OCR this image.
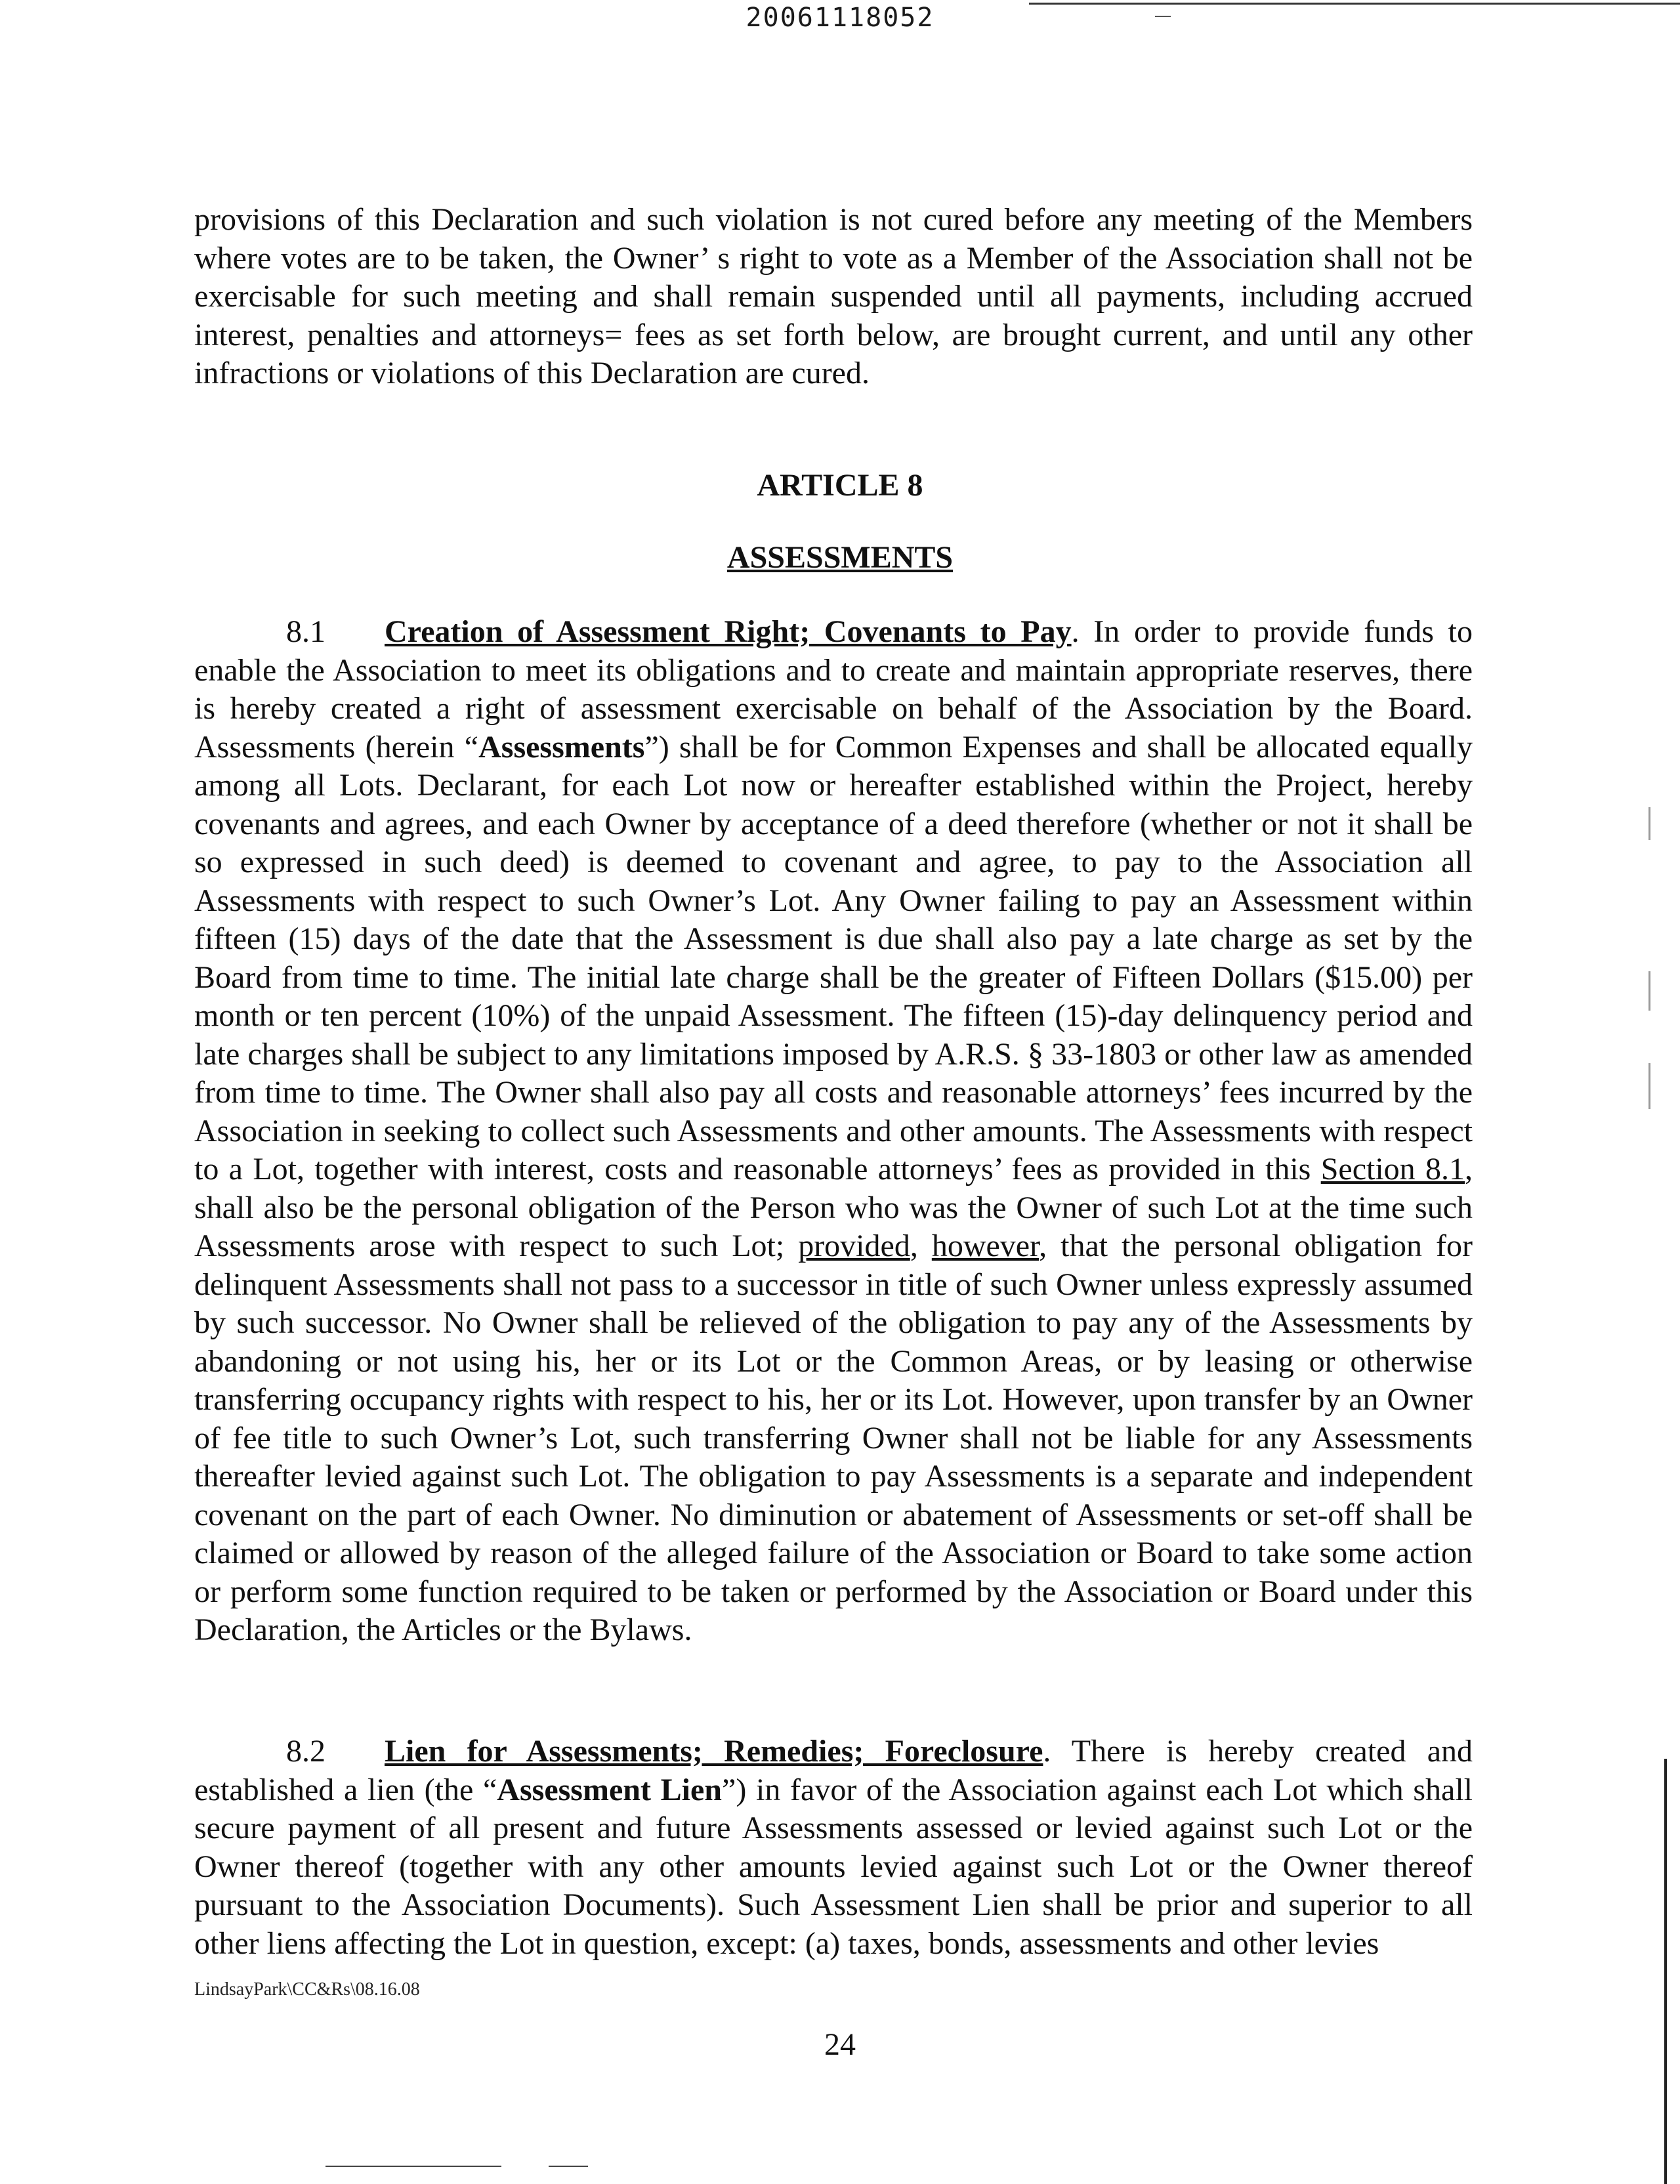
20061118052

provisions of this Declaration and such violation is not cured before any meeting of the Members where votes are to be taken, the Owner’ s right to vote as a Member of the Association shall not be exercisable for such meeting and shall remain suspended until all payments, including accrued interest, penalties and attorneys= fees as set forth below, are brought current, and until any other infractions or violations of this Declaration are cured.

ARTICLE 8

ASSESSMENTS

8.1 Creation of Assessment Right; Covenants to Pay. In order to provide funds to enable the Association to meet its obligations and to create and maintain appropriate reserves, there is hereby created a right of assessment exercisable on behalf of the Association by the Board. Assessments (herein “Assessments”) shall be for Common Expenses and shall be allocated equally among all Lots. Declarant, for each Lot now or hereafter established within the Project, hereby covenants and agrees, and each Owner by acceptance of a deed therefore (whether or not it shall be so expressed in such deed) is deemed to covenant and agree, to pay to the Association all Assessments with respect to such Owner’s Lot. Any Owner failing to pay an Assessment within fifteen (15) days of the date that the Assessment is due shall also pay a late charge as set by the Board from time to time. The initial late charge shall be the greater of Fifteen Dollars ($15.00) per month or ten percent (10%) of the unpaid Assessment. The fifteen (15)-day delinquency period and late charges shall be subject to any limitations imposed by A.R.S. § 33-1803 or other law as amended from time to time. The Owner shall also pay all costs and reasonable attorneys’ fees incurred by the Association in seeking to collect such Assessments and other amounts. The Assessments with respect to a Lot, together with interest, costs and reasonable attorneys’ fees as provided in this Section 8.1, shall also be the personal obligation of the Person who was the Owner of such Lot at the time such Assessments arose with respect to such Lot; provided, however, that the personal obligation for delinquent Assessments shall not pass to a successor in title of such Owner unless expressly assumed by such successor. No Owner shall be relieved of the obligation to pay any of the Assessments by abandoning or not using his, her or its Lot or the Common Areas, or by leasing or otherwise transferring occupancy rights with respect to his, her or its Lot. However, upon transfer by an Owner of fee title to such Owner’s Lot, such transferring Owner shall not be liable for any Assessments thereafter levied against such Lot. The obligation to pay Assessments is a separate and independent covenant on the part of each Owner. No diminution or abatement of Assessments or set-off shall be claimed or allowed by reason of the alleged failure of the Association or Board to take some action or perform some function required to be taken or performed by the Association or Board under this Declaration, the Articles or the Bylaws.

8.2 Lien for Assessments; Remedies; Foreclosure. There is hereby created and established a lien (the “Assessment Lien”) in favor of the Association against each Lot which shall secure payment of all present and future Assessments assessed or levied against such Lot or the Owner thereof (together with any other amounts levied against such Lot or the Owner thereof pursuant to the Association Documents). Such Assessment Lien shall be prior and superior to all other liens affecting the Lot in question, except: (a) taxes, bonds, assessments and other levies

LindsayPark\CC&Rs\08.16.08
24
